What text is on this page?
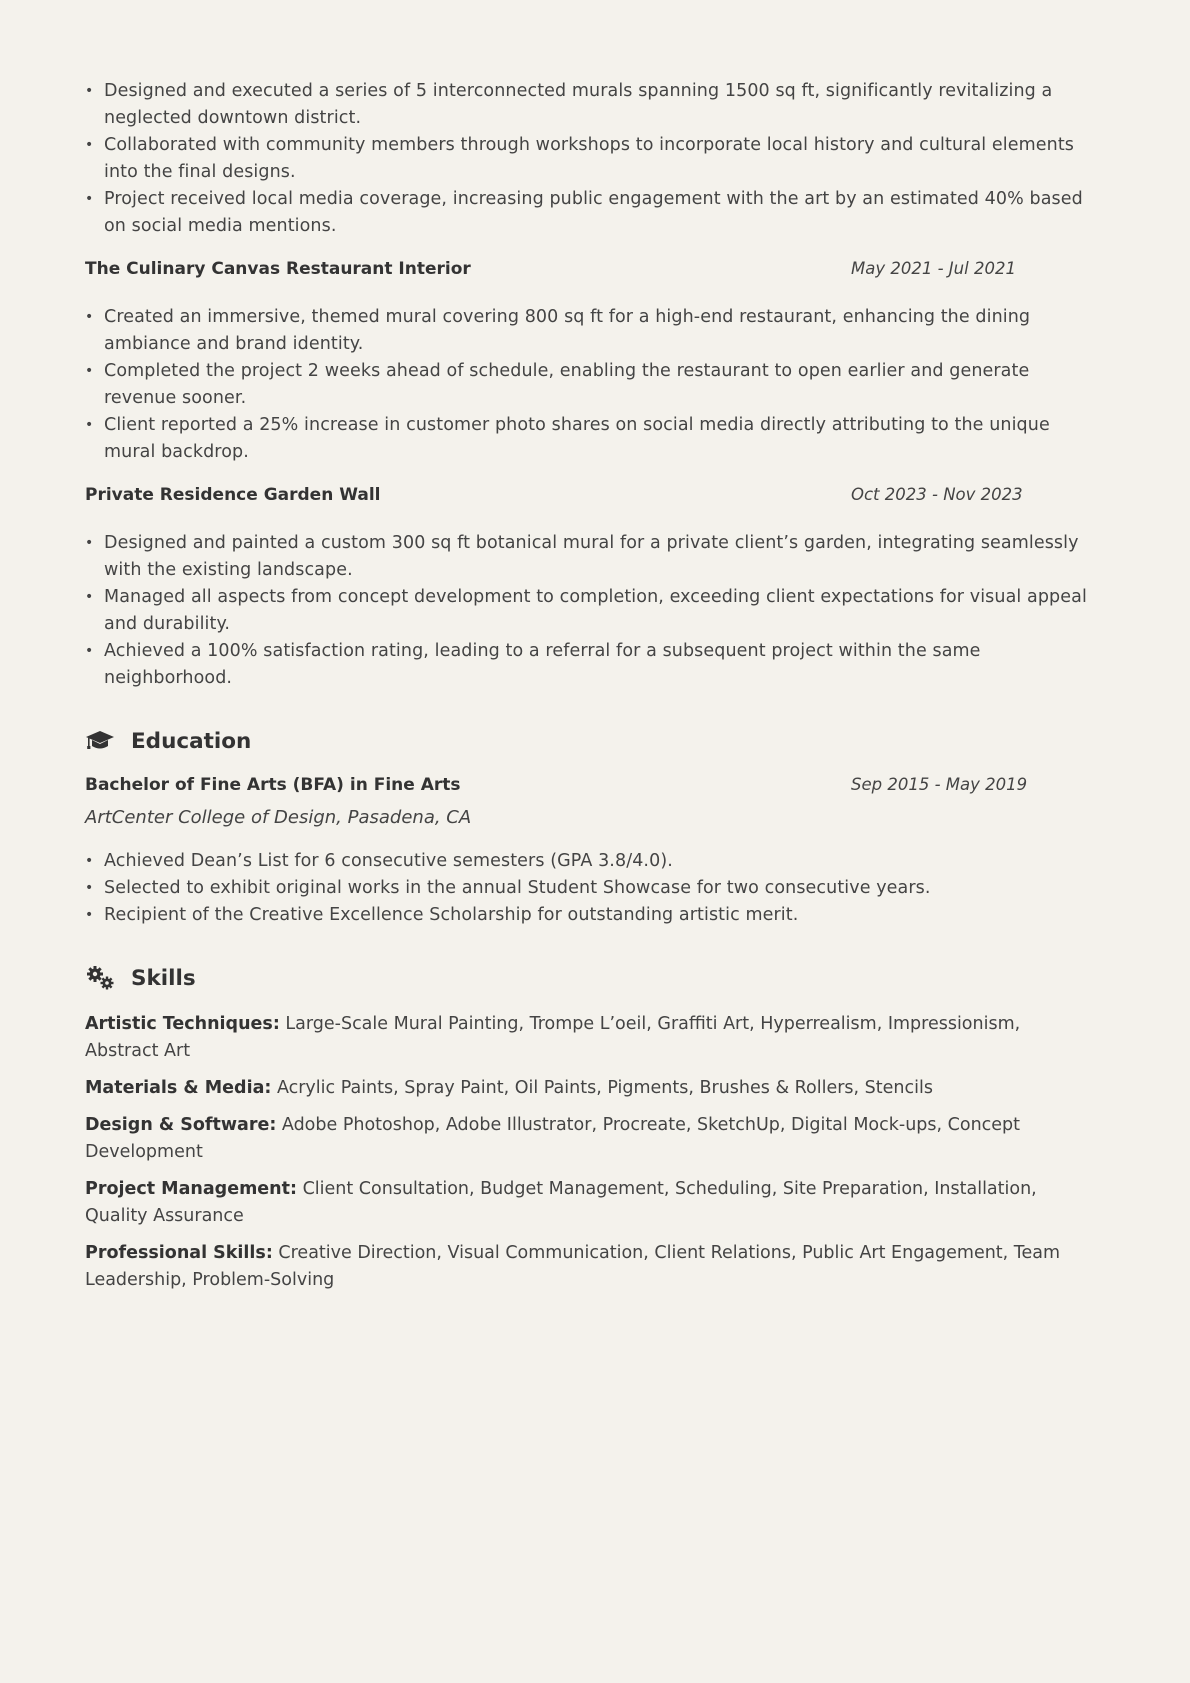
• Designed and executed a series of 5 interconnected murals spanning 1500 sq ft, significantly revitalizing a neglected downtown district.
• Collaborated with community members through workshops to incorporate local history and cultural elements into the final designs.
• Project received local media coverage, increasing public engagement with the art by an estimated 40% based on social media mentions.
The Culinary Canvas Restaurant Interior	May 2021 - Jul 2021
• Created an immersive, themed mural covering 800 sq ft for a high-end restaurant, enhancing the dining ambiance and brand identity.
• Completed the project 2 weeks ahead of schedule, enabling the restaurant to open earlier and generate revenue sooner.
• Client reported a 25% increase in customer photo shares on social media directly attributing to the unique mural backdrop.
Private Residence Garden Wall	Oct 2023 - Nov 2023
• Designed and painted a custom 300 sq ft botanical mural for a private client’s garden, integrating seamlessly with the existing landscape.
• Managed all aspects from concept development to completion, exceeding client expectations for visual appeal and durability.
• Achieved a 100% satisfaction rating, leading to a referral for a subsequent project within the same neighborhood.
Education
Bachelor of Fine Arts (BFA) in Fine Arts	Sep 2015 - May 2019
ArtCenter College of Design, Pasadena, CA
• Achieved Dean’s List for 6 consecutive semesters (GPA 3.8/4.0).
• Selected to exhibit original works in the annual Student Showcase for two consecutive years.
• Recipient of the Creative Excellence Scholarship for outstanding artistic merit.
Skills
Artistic Techniques: Large-Scale Mural Painting, Trompe L’oeil, Graffiti Art, Hyperrealism, Impressionism, Abstract Art
Materials & Media: Acrylic Paints, Spray Paint, Oil Paints, Pigments, Brushes & Rollers, Stencils
Design & Software: Adobe Photoshop, Adobe Illustrator, Procreate, SketchUp, Digital Mock-ups, Concept Development
Project Management: Client Consultation, Budget Management, Scheduling, Site Preparation, Installation, Quality Assurance
Professional Skills: Creative Direction, Visual Communication, Client Relations, Public Art Engagement, Team Leadership, Problem-Solving
